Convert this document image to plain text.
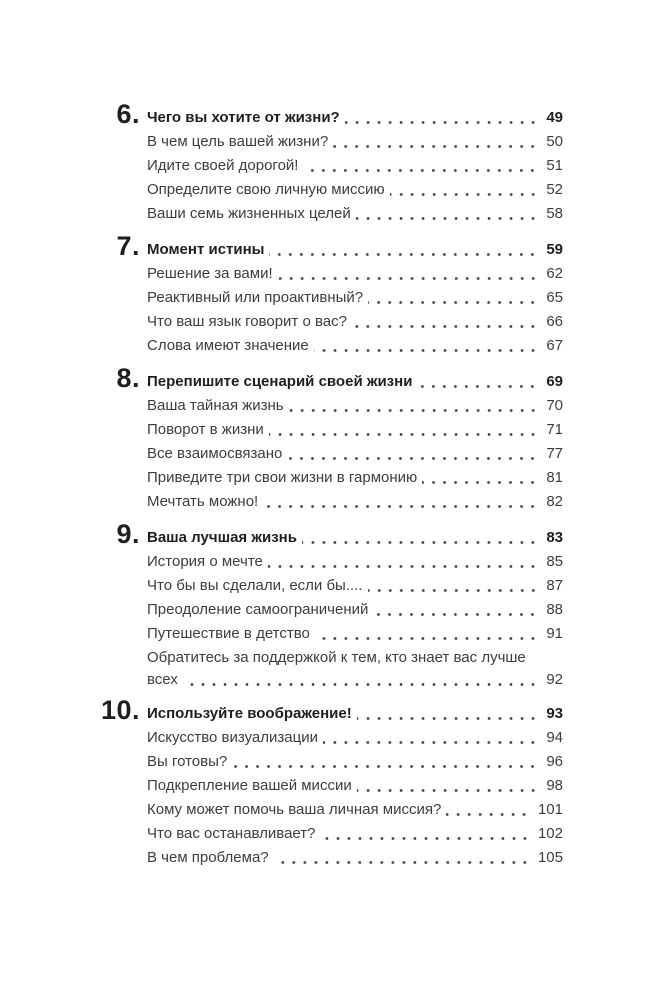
6. Чего вы хотите от жизни?	49
В чем цель вашей жизни?	50
Идите своей дорогой!	51
Определите свою личную миссию	52
Ваши семь жизненных целей	58
7. Момент истины	59
Решение за вами!	62
Реактивный или проактивный?	65
Что ваш язык говорит о вас?	66
Слова имеют значение	67
8. Перепишите сценарий своей жизни	69
Ваша тайная жизнь	70
Поворот в жизни	71
Все взаимосвязано	77
Приведите три свои жизни в гармонию	81
Мечтать можно!	82
9. Ваша лучшая жизнь	83
История о мечте	85
Что бы вы сделали, если бы....	87
Преодоление самоограничений	88
Путешествие в детство	91
Обратитесь за поддержкой к тем, кто знает вас лучше
всех	92
10. Используйте воображение!	93
Искусство визуализации	94
Вы готовы?	96
Подкрепление вашей миссии	98
Кому может помочь ваша личная миссия?	101
Что вас останавливает?	102
В чем проблема?	105
